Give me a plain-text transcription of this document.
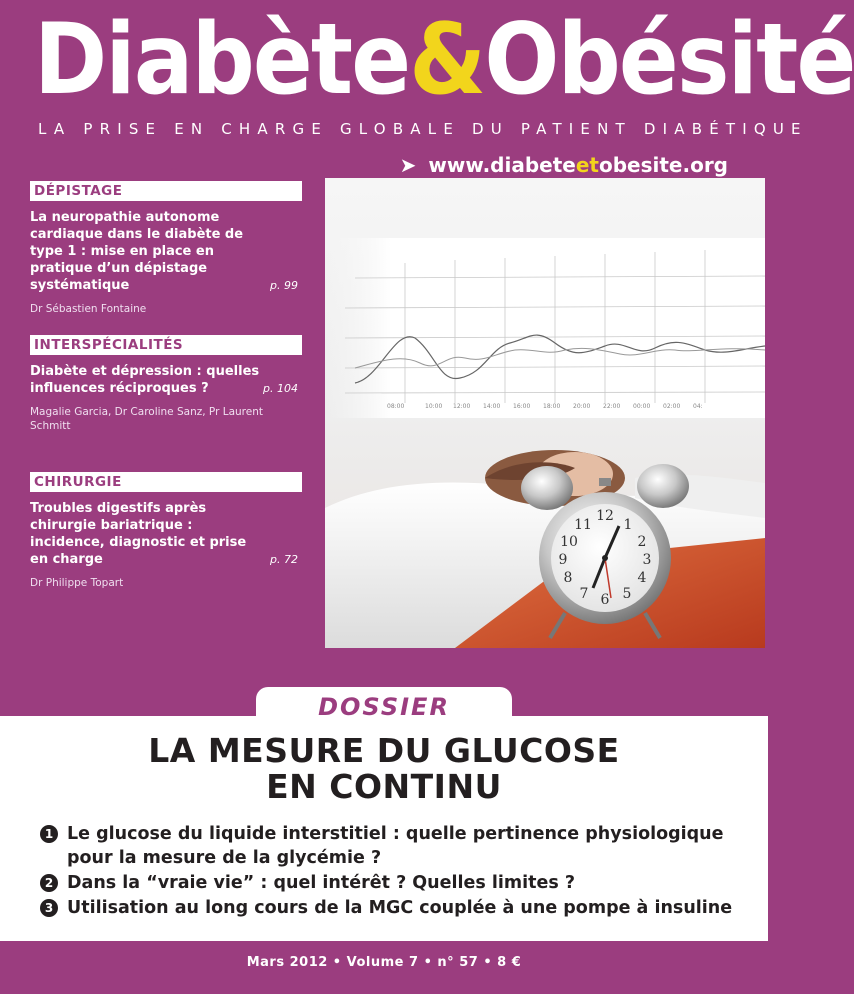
Diabète&Obésité
LA PRISE EN CHARGE GLOBALE DU PATIENT DIABÉTIQUE
➤ www.diabeteetobesite.org
DÉPISTAGE
La neuropathie autonome cardiaque dans le diabète de type 1 : mise en place en pratique d’un dépistage systématique	p. 99
Dr Sébastien Fontaine
INTERSPÉCIALITÉS
Diabète et dépression : quelles influences réciproques ?	p. 104
Magalie Garcia, Dr Caroline Sanz, Pr Laurent Schmitt
CHIRURGIE
Troubles digestifs après chirurgie bariatrique : incidence, diagnostic et prise en charge	p. 72
Dr Philippe Topart
08:00	10:00 12:00 14:00 16:00 18:00 20:00 22:00 00:00 02:00 04:
12
1
2
3
4
5
6
7
8
9
10
11
DOSSIER
LA MESURE DU GLUCOSE
EN CONTINU
1 Le glucose du liquide interstitiel : quelle pertinence physiologique pour la mesure de la glycémie ?
2 Dans la “vraie vie” : quel intérêt ? Quelles limites ?
3 Utilisation au long cours de la MGC couplée à une pompe à insuline
Mars 2012 • Volume 7 • n° 57 • 8 €
